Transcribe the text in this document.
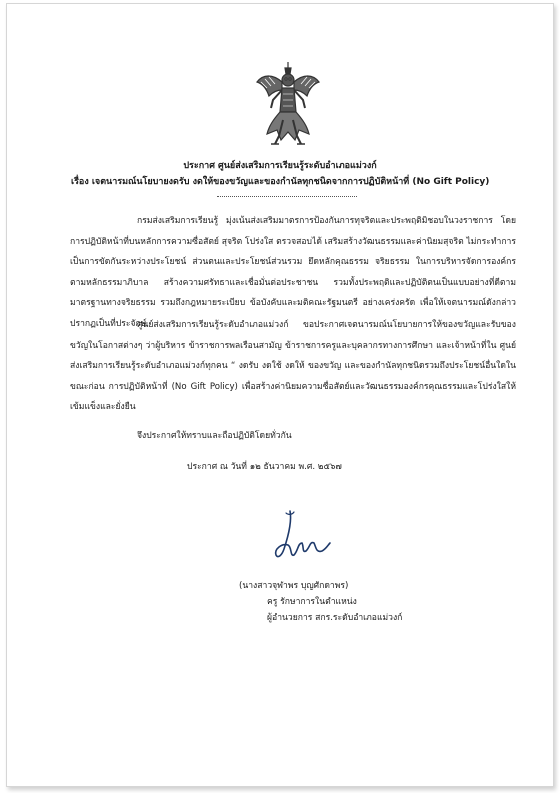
ประกาศ ศูนย์ส่งเสริมการเรียนรู้ระดับอำเภอแม่วงก์
เรื่อง เจตนารมณ์นโยบายงดรับ งดให้ของขวัญและของกำนัลทุกชนิดจากการปฏิบัติหน้าที่ (No Gift Policy)
กรมส่งเสริมการเรียนรู้ มุ่งเน้นส่งเสริมมาตรการป้องกันการทุจริตและประพฤติมิชอบในวงราชการ โดยการปฏิบัติหน้าที่บนหลักการความซื่อสัตย์ สุจริต โปร่งใส ตรวจสอบได้ เสริมสร้างวัฒนธรรมและค่านิยมสุจริต ไม่กระทำการเป็นการขัดกันระหว่างประโยชน์ ส่วนตนและประโยชน์ส่วนรวม ยึดหลักคุณธรรม จริยธรรม ในการบริหารจัดการองค์กรตามหลักธรรมาภิบาล สร้างความศรัทธาและเชื่อมั่นต่อประชาชน รวมทั้งประพฤติและปฏิบัติตนเป็นแบบอย่างที่ดีตามมาตรฐานทางจริยธรรม รวมถึงกฎหมายระเบียบ ข้อบังคับและมติคณะรัฐมนตรี อย่างเคร่งครัด เพื่อให้เจตนารมณ์ดังกล่าวปรากฏเป็นที่ประจักษ์
ศูนย์ส่งเสริมการเรียนรู้ระดับอำเภอแม่วงก์ ขอประกาศเจตนารมณ์นโยบายการให้ของขวัญและรับของขวัญในโอกาสต่างๆ ว่าผู้บริหาร ข้าราชการพลเรือนสามัญ ข้าราชการครูและบุคลากรทางการศึกษา และเจ้าหน้าที่ใน ศูนย์ส่งเสริมการเรียนรู้ระดับอำเภอแม่วงก์ทุกคน “ งดรับ งดใช้ งดให้ ของขวัญ และของกำนัลทุกชนิดรวมถึงประโยชน์อื่นใดในขณะก่อน การปฏิบัติหน้าที่ (No Gift Policy) เพื่อสร้างค่านิยมความซื่อสัตย์และวัฒนธรรมองค์กรคุณธรรมและโปร่งใสให้เข้มแข็งและยั่งยืน
จึงประกาศให้ทราบและถือปฏิบัติโดยทั่วกัน
ประกาศ ณ วันที่ ๑๒ ธันวาคม พ.ศ. ๒๕๖๗
(นางสาวจุฬาพร บุญศักดาพร)
ครู รักษาการในตำแหน่ง
ผู้อำนวยการ สกร.ระดับอำเภอแม่วงก์
